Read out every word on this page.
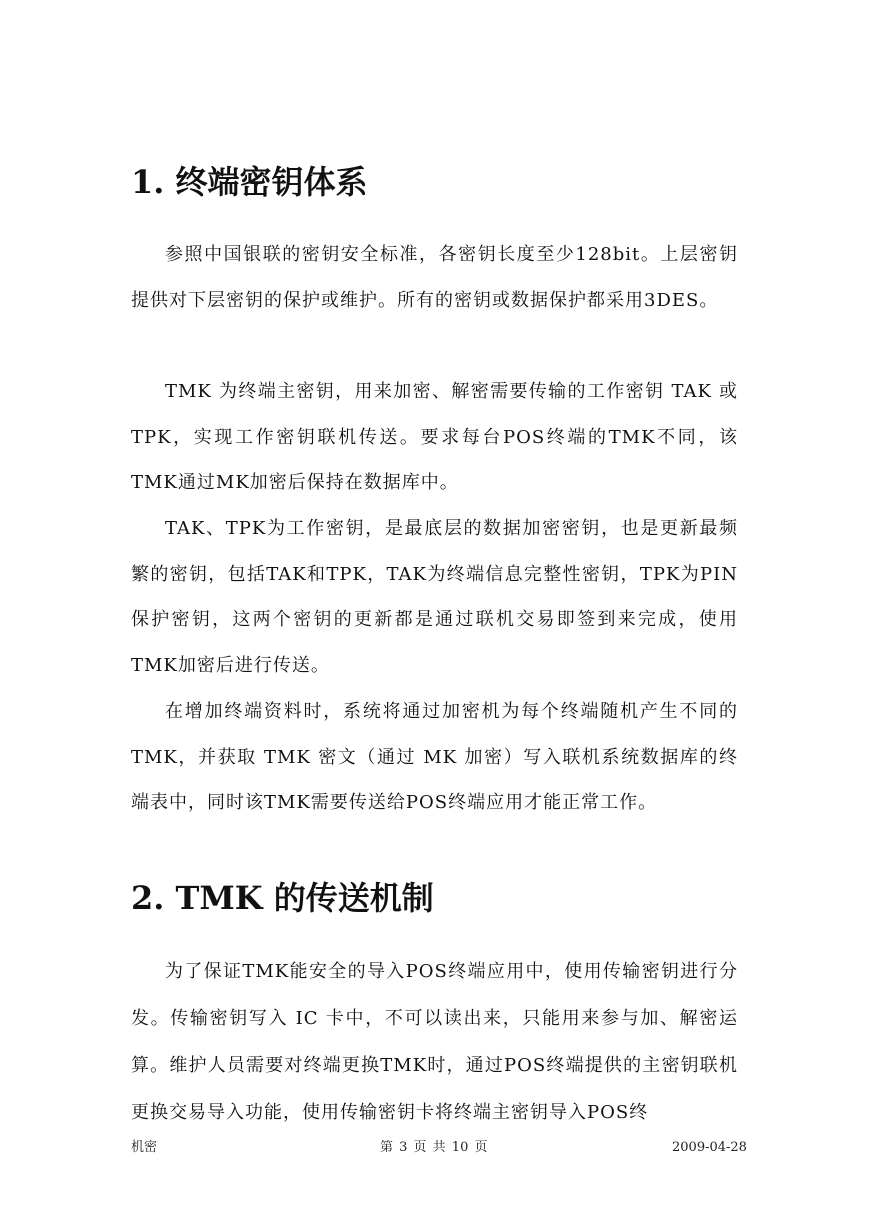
1. 终端密钥体系

参照中国银联的密钥安全标准，各密钥长度至少128bit。上层密钥提供对下层密钥的保护或维护。所有的密钥或数据保护都采用3DES。

TMK 为终端主密钥，用来加密、解密需要传输的工作密钥 TAK 或TPK，实现工作密钥联机传送。要求每台POS终端的TMK不同，该TMK通过MK加密后保持在数据库中。

TAK、TPK为工作密钥，是最底层的数据加密密钥，也是更新最频繁的密钥，包括TAK和TPK，TAK为终端信息完整性密钥，TPK为PIN保护密钥，这两个密钥的更新都是通过联机交易即签到来完成，使用TMK加密后进行传送。

在增加终端资料时，系统将通过加密机为每个终端随机产生不同的 TMK，并获取 TMK 密文（通过 MK 加密）写入联机系统数据库的终端表中，同时该TMK需要传送给POS终端应用才能正常工作。

2. TMK 的传送机制

为了保证TMK能安全的导入POS终端应用中，使用传输密钥进行分发。传输密钥写入 IC 卡中，不可以读出来，只能用来参与加、解密运算。维护人员需要对终端更换TMK时，通过POS终端提供的主密钥联机更换交易导入功能，使用传输密钥卡将终端主密钥导入POS终

机密	第 3 页 共 10 页	2009-04-28
